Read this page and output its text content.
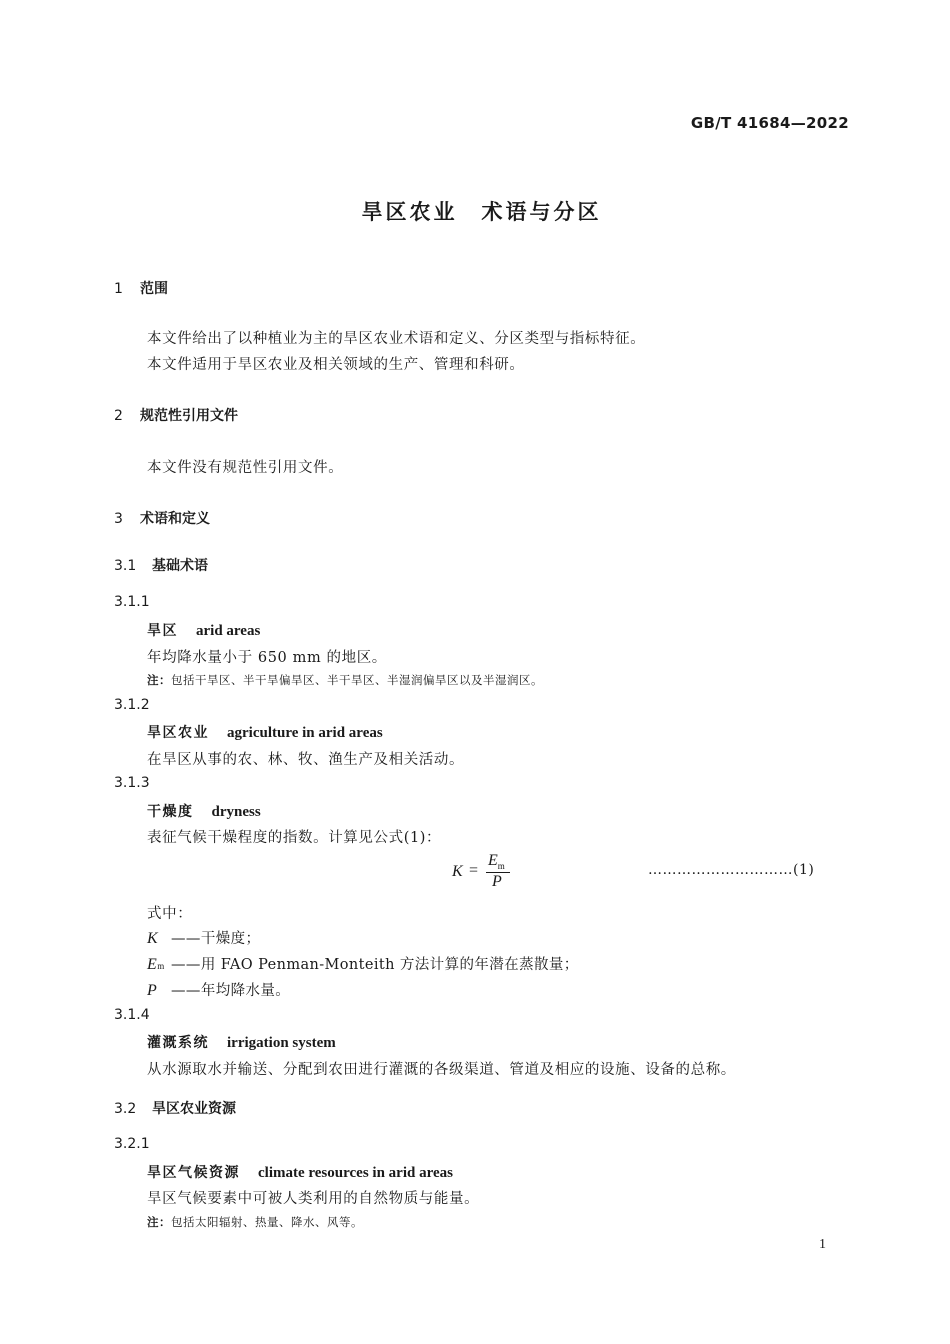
GB/T 41684—2022
旱区农业　术语与分区
1 范围
本文件给出了以种植业为主的旱区农业术语和定义、分区类型与指标特征。
本文件适用于旱区农业及相关领域的生产、管理和科研。
2 规范性引用文件
本文件没有规范性引用文件。
3 术语和定义
3.1 基础术语
3.1.1
旱区 arid areas
年均降水量小于 650 mm 的地区。
注：包括干旱区、半干旱偏旱区、半干旱区、半湿润偏旱区以及半湿润区。
3.1.2
旱区农业 agriculture in arid areas
在旱区从事的农、林、牧、渔生产及相关活动。
3.1.3
干燥度 dryness
表征气候干燥程度的指数。计算见公式(1)：
K =
$E_m$
P
…………………………(1)
式中：
K ——干燥度；
Em ——用 FAO Penman-Monteith 方法计算的年潜在蒸散量；
P ——年均降水量。
3.1.4
灌溉系统 irrigation system
从水源取水并输送、分配到农田进行灌溉的各级渠道、管道及相应的设施、设备的总称。
3.2 旱区农业资源
3.2.1
旱区气候资源 climate resources in arid areas
旱区气候要素中可被人类利用的自然物质与能量。
注：包括太阳辐射、热量、降水、风等。
1
